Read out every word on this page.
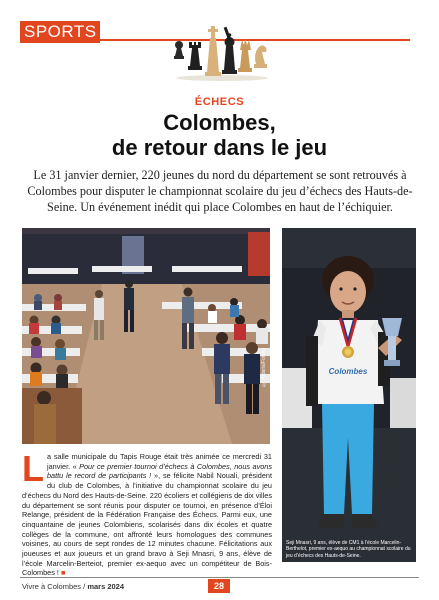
SPORTS
ÉCHECS
Colombes,
de retour dans le jeu

Le 31 janvier dernier, 220 jeunes du nord du département se sont retrouvés à Colombes pour disputer le championnat scolaire du jeu d’échecs des Hauts-de-Seine. Un événement inédit qui place Colombes en haut de l’échiquier.

© Aldaris/Fotolia	Colombes
Seji Mnasri, 9 ans, élève de CM1 à l’école Marcelin-Berthelot, premier ex-aequo au championnat scolaire du jeu d’échecs des Hauts-de-Seine.
La salle municipale du Tapis Rouge était très animée ce mercredi 31 janvier. « Pour ce premier tournoi d’échecs à Colombes, nous avons battu le record de participants ! », se félicite Nabil Nouali, président du club de Colombes, à l’initiative du championnat scolaire du jeu d’échecs du Nord des Hauts-de-Seine. 220 écoliers et collégiens de dix villes du département se sont réunis pour disputer ce tournoi, en présence d’Éloi Relange, président de la Fédération Française des Échecs. Parmi eux, une cinquantaine de jeunes Colombiens, scolarisés dans dix écoles et quatre collèges de la commune, ont affronté leurs homologues des communes voisines, au cours de sept rondes de 12 minutes chacune. Félicitations aux joueuses et aux joueurs et un grand bravo à Seji Mnasri, 9 ans, élève de l’école Marcelin-Berteiot, premier ex-aequo avec un compétiteur de Bois-Colombes ! ■
Vivre à Colombes / mars 2024	28
